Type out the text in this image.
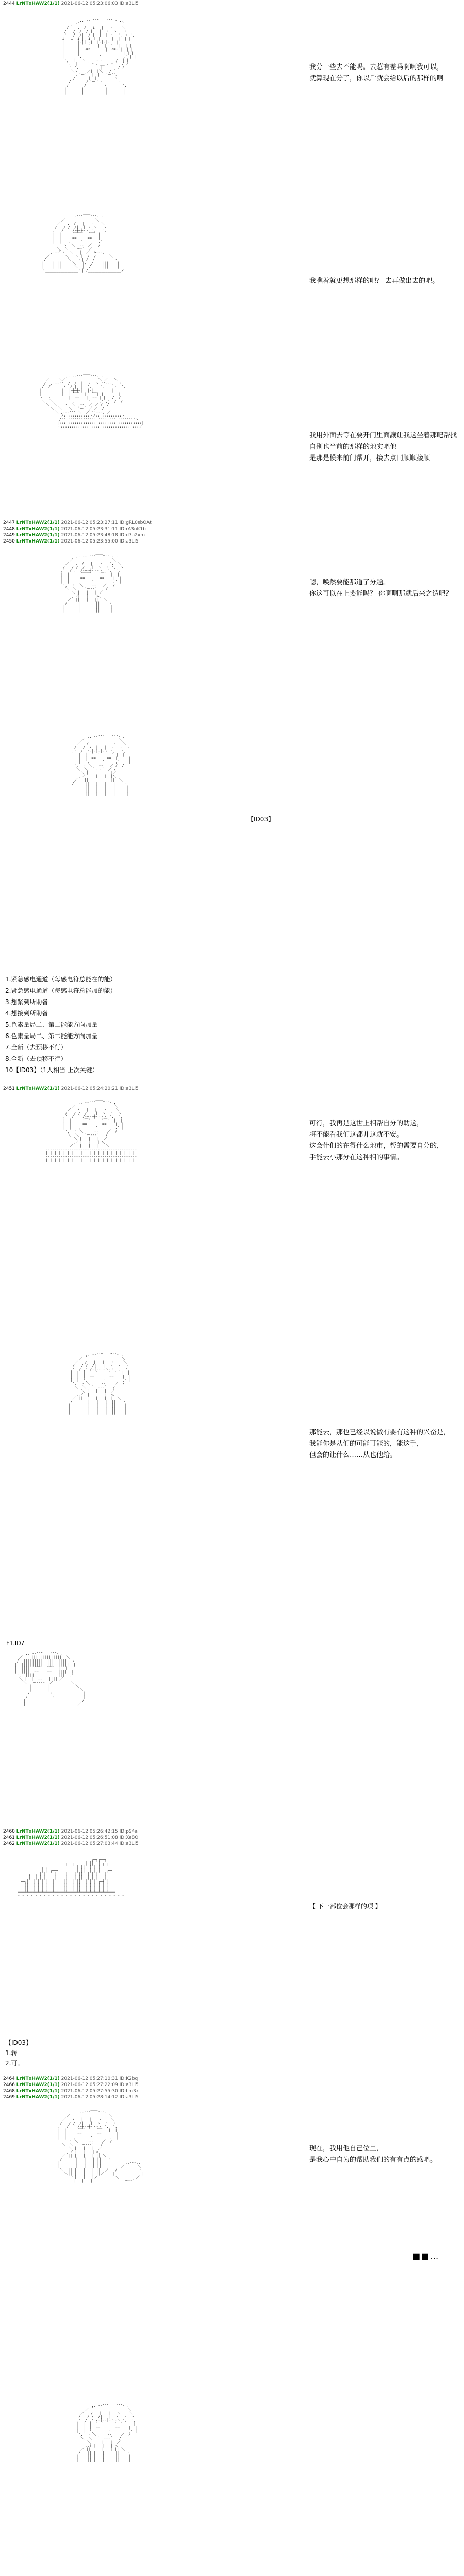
2444 LrNTxHAW2(1/1) 2021-06-12 05:23:06:03 ID:a3Ll5

,. -‐ ''"￣￣`'' ‐ .、
, '´                    ` 、
/    ,  /   i   |   ヽ    ＼
/   /  /  / |   |  ヽ  ヽ   ヽ
,'   /  /|  / |  |  | ヽ  ', ｉ ',
i   i  i |  i ｜ |  |  |  |  | |
|   |  |‐┼┼─-|  |‐┼‐┼-|  | |
|   |  | ´￣｀   |  |  ´￣`|  | |
|   |  |  ‐=ﾆ    |  |  ﾆ=‐ |  | |
|   |  |                    | | |
|   |  ',        '          ,' | |
',  |   ヽ     ‐ ‐      /  | |
',  |    ｀ ‐ ､ __ , ‐ ´  / /
ヽ ',       |  |       / /
＼ヽ    ／|  |＼   / ´
,｀ー'´ |  |  ｀ー'´、
/      |  |        ヽ
/       /｀ー｀ヽ       ヽ
/       /        ヽ       ',
|       |          |       |
|       |          |       |

我分一些去不能吗。去惹有差吗啊啊我可以，
就算现在分了，你以后就会给以后的那样的啊

,. ‐''"￣￣"''‐ .
／              ＼
／   ,  /   |   ヽ   ＼
/   / /  /|  | ヽ ヽ   ヽ
,'  / ,' /‐┼‐┼‐ヽ ',   ',
|  |  |  ´￣￣`  ´￣` |  |
|  |  |  ==     ==   |  |
|  |  ',     '       ,' |
',  ヽ  ＼  ‐‐  ／   /
＼  ＼  ｀ー‐´  ／
,.-‐'ﾞヽ  ＼   |  ／ ,ﾍ‐-.、
／       ＼   ヽ |  /  /      ＼
/          ＼   ヽ| /  /         ヽ
|    ||||     ＼  ||/  /   ||||    |
|    ||||      ＼ ||  /    ||||    |
ヽ_______________ヽ||/_______________ノ

我瞧着就更想那样的吧？ 去再做出去的吧。

___   ,. -‐''"￣￣"''‐ .     ___
／    ＼／               ＼ ／   ＼
/  ,.-‐'"  /  /  |  ヽ  ヽ "'‐-.,  ヽ
/  /      /  / |  |  ', ', ',    ヽ  ',
|  |      |  |‐┼─┼‐|  |‐|     |  |
|  |      |  | ´￣`  |  ´￣| |    |  |
ヽ  ヽ     |  |  ==   |  == | |   /  /
＼  ＼    ',  ',      '    ,' ,'  /  /
＼  ＼   ヽ  ＼  ‐‐  ／ ／ /  /
＼  ＼   ＼  ｀ー´ ／ ／  /
＼_,.-‐''" ＼  ／ ''‐-.,_／
/::::::::::::ヽ/::::::::::::ヽ
/::::::::::::::::::::::::::::::::::ヽ
|::::::::::::::::::::::::::::::::::::::|
ヽ::::::::::::::::::::::::::::::::::::ノ

我用外面去等在要开门里面讓让我这坐着那吧帮找
自别也当前的那样的地实吧他
是那是模来前门帮开，接去点同顺顺接顺
2447 LrNTxHAW2(1/1) 2021-06-12 05:23:27:11 ID:gRL0sbOAt
2448 LrNTxHAW2(1/1) 2021-06-12 05:23:31:11 ID:rA3nK1b
2449 LrNTxHAW2(1/1) 2021-06-12 05:23:48:18 ID:d7a2xm
2450 LrNTxHAW2(1/1) 2021-06-12 05:23:55:00 ID:a3Ll5

,. -‐ ''"￣￣"'' ‐ .
／                  ＼
／   ,  /   |   ヽ   ',  ＼
/   / /  /|  |  ヽ  ヽ ',  ヽ
,'  / ,' /‐┼‐┼‐ヽ‐ヽ  ',  ',
|  |  |  ´￣￣`   ´￣`  |  |
|  |  |  ==       ==    |  |
|  |  ',      '         ,' |
',  ヽ  ＼    ‐‐   ／   /
＼  ＼   ｀ー‐‐´    /
＼ |   |   | ／
,.ｲ|   |   |ﾍ、
／  ||   |   ||  ＼
/    ||   |   ||    ヽ
|     ||   |   ||     |
|     ||   |   ||     |

嗯，唤然要能那道了分题。
你这可以在上要能吗？ 你啊啊那就后来之造吧？

,. -‐''"￣￣"''‐ .
／                ＼
／   /   |   |   ヽ   ＼
/   /  /  |   |  ヽ  ヽ  ヽ
,'  / ,'‐┼‐┼‐┼‐ヽ ',   ',
|  |  |  ´￣`   ´￣` |  |  |
|  |  |  ==     ==  |  |  |
|  |  ',      '     ,' |  |
',  ヽ ＼   ‐‐   ／ /  /
＼  ＼  ｀ー‐´  ／ /
＼ |   |   |  |／
,.ｲ |   |   |  |ﾍ、
／   ||   |   |  ||  ＼
/     ||   |   |  ||    ヽ
|      ||   |   |  ||     |
|      ||   |   |  ||     |
|      ||   |   |  ||     |

【ID03】
1.紧急感电通道（每感电符总能在的能）
2.紧急感电通道（每感电符总能加的能）
3.想紧到所助备
4.想接到所助备
5.色素量局二、第二能能方向加量
6.色素量局二、第二能能方向加量
7.全新（去预移不行）
8.全新（去预移不行）
10【ID03】（1人相当 上次关键）
2451 LrNTxHAW2(1/1) 2021-06-12 05:24:20:21 ID:a3Ll5

,. -‐''"￣￣"''‐ .
／                  ＼
／   /   |   |   ヽ    ＼
/   / /  /|   |  ヽ  ヽ  ヽ
,'  / ,' /‐┼‐‐┼‐ヽ‐ヽ ',  ',
|  |  |  ´￣`     ´￣`  |  |
|  |  |  ==       ==    |  |
|  |  ',       '        ,' |
',  ヽ ＼     ‐‐    ／  /
＼  ＼  ｀ー‐‐‐´   /
＼ |   |   |  ／
,ｲ |   |   | ﾍ、
／   |   |   |   ＼
‐‐‐‐‐‐‐‐‐‐‐‐‐‐‐‐‐‐‐‐‐‐‐‐‐‐‐‐‐‐‐‐‐‐‐‐‐‐‐‐‐‐
| | | | | | | | | | | | | | | | | | | | | |
‐‐‐‐‐‐‐‐‐‐‐‐‐‐‐‐‐‐‐‐‐‐‐‐‐‐‐‐‐‐‐‐‐‐‐‐‐‐‐‐‐‐
| | | | | | | | | | | | | | | | | | | | | |

可行，我再是这世上相帮自分的助这，
将不能看我们这都并这就不安。
这会什们的在得什么地市，帮的需要自分的，
手能去小那分在这种相的事情。

,. -‐''"￣￣"''‐ .
／                  ＼
／   /   |   |   ヽ    ＼
/   / /  /|   |  ヽ  ヽ  ヽ
,'  / ,' /‐┼‐‐┼‐ヽ‐ヽ ',  ',
|  |  |  ´￣`     ´￣`  |  |
|  |  |  ==       ==    |  |
|  |  ',       '        ,' |
',  ヽ ＼     ‐‐    ／  /
＼  ＼  ｀ー‐‐‐´   /
＼ |   |   |  ／
,.ｲ  |   |   |  ﾍ、
／ ||  |   |   |  || ＼
/   ||  |   |   |  ||   ヽ
|    ||  |   |   |  ||    |
|    ||  |   |   |  ||    |
|    ||  |   |   |  ||    |

那能去，那也已经以说做有要有这种的兴奋是，
我能你是从们的可能可能的，能这手，
但会的让什么……从也他给。
F1.ID7

,. -‐''"￣￣"''‐ .
／  ||||||||||||||||  ＼
/  ||||||||||||||||||||  ヽ
|  ||||||||||||||||||||||  |
|  ||||  ´￣`  ´￣`  ||||  |
|  ||||  ==    ==   ||||  |
',  ||||    '     ||||  ,'
＼ ||||  ‐‐   |||| ／
＼ ｀ー‐‐‐‐´ ／        ＼
|       |            ＼
|       |              ＼
/         ヽ              |
/           ヽ             |
|             |            /
|             |          ／

2460 LrNTxHAW2(1/1) 2021-06-12 05:26:42:15 ID:pS4a
2461 LrNTxHAW2(1/1) 2021-06-12 05:26:51:08 ID:Xe8Q
2462 LrNTxHAW2(1/1) 2021-06-12 05:27:03:44 ID:a3Ll5

┌─┐┌──┐
┌──┐     │ ││  │ ┌─┐
┌─┐      │  │┌──┤ ││  │ │ │
│ │ ┌──┐ │  ││  │ ││  │ │ │   ┌─┐
┌──┐ │ │ │  │ │  ││  │ ││  │ │ │   │ │
│  │ │ │ │  │ │  ││  │ ││  │ │ │   │ │
┌─┐│  │ │ │ │  │ │  ││  │ ││  │ │ │ ┌─┤ │
│ ││  │ │ │ │  │ │  ││  │ ││  │ │ │ │ │ │
│ ││  │ │ │ │  │ │  ││  │ ││  │ │ │ │ │ │
═╧═╧╧══╧═╧═╧═╧══╧═╧══╧╧══╧═╧╧══╧═╧═╧═╧═╧═╧═══
‐ ‐ ‐ ‐ ‐ ‐ ‐ ‐ ‐ ‐ ‐ ‐ ‐ ‐ ‐ ‐ ‐ ‐ ‐ ‐ ‐ ‐ ‐ ‐ ‐

【 下一部位会那样的项 】
【ID03】
1.转
2.可。
2464 LrNTxHAW2(1/1) 2021-06-12 05:27:10:31 ID:K2bq
2466 LrNTxHAW2(1/1) 2021-06-12 05:27:22:09 ID:a3Ll5
2468 LrNTxHAW2(1/1) 2021-06-12 05:27:55:30 ID:Lm3x
2469 LrNTxHAW2(1/1) 2021-06-12 05:28:14:12 ID:a3Ll5

,. -‐''"￣￣"''‐ .
／                  ＼
／   /   |   |   ヽ    ＼
/   / /  /|   |  ヽ  ヽ  ヽ
,'  / ,' /‐┼‐‐┼‐ヽ‐ヽ ',  ',
|  |  |  ´￣`     ´￣`  |  |
|  |  |  ==       ==    |  |
|  |  ',       '        ,' |
',  ヽ ＼     ‐‐    ／  /
＼  ＼  ｀ー‐‐‐´   /
＼ |   |   |  ／
,.ｲ |   |   | ﾍ、
／ || |   |   | || ＼
/   || |   |   | ||   ヽ
|    || |   |   | ||    |      ,.-‐-.,
|    || |   |   | ||    |    ／      ＼
＼  || |   |   | ||  ／   /          ヽ
＼|| |   |   | ||／    |            |
ヽ|   |   |ノ        ＼        ／
|   |   |             ｀ー‐‐´

现在，我用他自己位里，
是我心中自为的帮助我们的有有点的感吧。
■■…

,. -‐''"￣￣"''‐ .
／                  ＼
／   /   |   |   ヽ    ＼
/   / /  /|   |  ヽ  ヽ  ヽ
,'  / ,' /‐┼‐‐┼‐ヽ‐ヽ ',  ',
|  |  |  ´￣`     ´￣`  |  |
|  |  |  ==       ==    |  |
|  |  ',       '        ,' |
',  ヽ ＼     ‐‐    ／  /
＼  ＼  ｀ー‐‐‐´   /
＼ |   |   |  ／
,.ｲ |   |   | ﾍ、
／ || |   |   | || ＼
/   || |   |   | ||   ヽ
|    || |   |   | ||    |
|    || |   |   | ||    |
